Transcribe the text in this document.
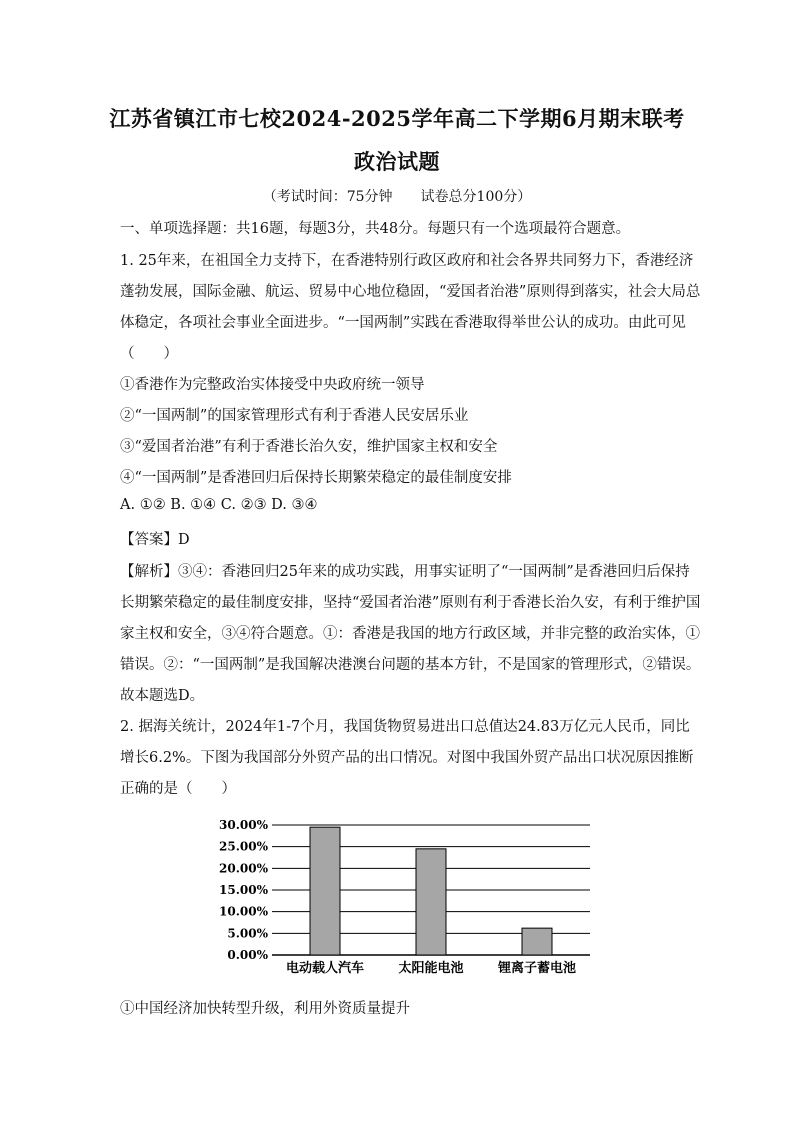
江苏省镇江市七校2024-2025学年高二下学期6月期末联考
政治试题
（考试时间：75分钟 试卷总分100分）
一、单项选择题：共16题，每题3分，共48分。每题只有一个选项最符合题意。
1. 25年来，在祖国全力支持下，在香港特别行政区政府和社会各界共同努力下，香港经济
蓬勃发展，国际金融、航运、贸易中心地位稳固，“爱国者治港”原则得到落实，社会大局总
体稳定，各项社会事业全面进步。“一国两制”实践在香港取得举世公认的成功。由此可见
（　　）
①香港作为完整政治实体接受中央政府统一领导
②“一国两制”的国家管理形式有利于香港人民安居乐业
③“爱国者治港”有利于香港长治久安，维护国家主权和安全
④“一国两制”是香港回归后保持长期繁荣稳定的最佳制度安排
A. ①② B. ①④ C. ②③ D. ③④
【答案】D
【解析】③④：香港回归25年来的成功实践，用事实证明了“一国两制”是香港回归后保持
长期繁荣稳定的最佳制度安排，坚持“爱国者治港”原则有利于香港长治久安，有利于维护国
家主权和安全，③④符合题意。①：香港是我国的地方行政区域，并非完整的政治实体，①
错误。②：“一国两制”是我国解决港澳台问题的基本方针，不是国家的管理形式，②错误。
故本题选D。
2. 据海关统计，2024年1-7个月，我国货物贸易进出口总值达24.83万亿元人民币，同比
增长6.2%。下图为我国部分外贸产品的出口情况。对图中我国外贸产品出口状况原因推断
正确的是（　　）
0.00%
5.00%
10.00%
15.00%
20.00%
25.00%
30.00%
电动载人汽车	太阳能电池	锂离子蓄电池
①中国经济加快转型升级，利用外资质量提升
